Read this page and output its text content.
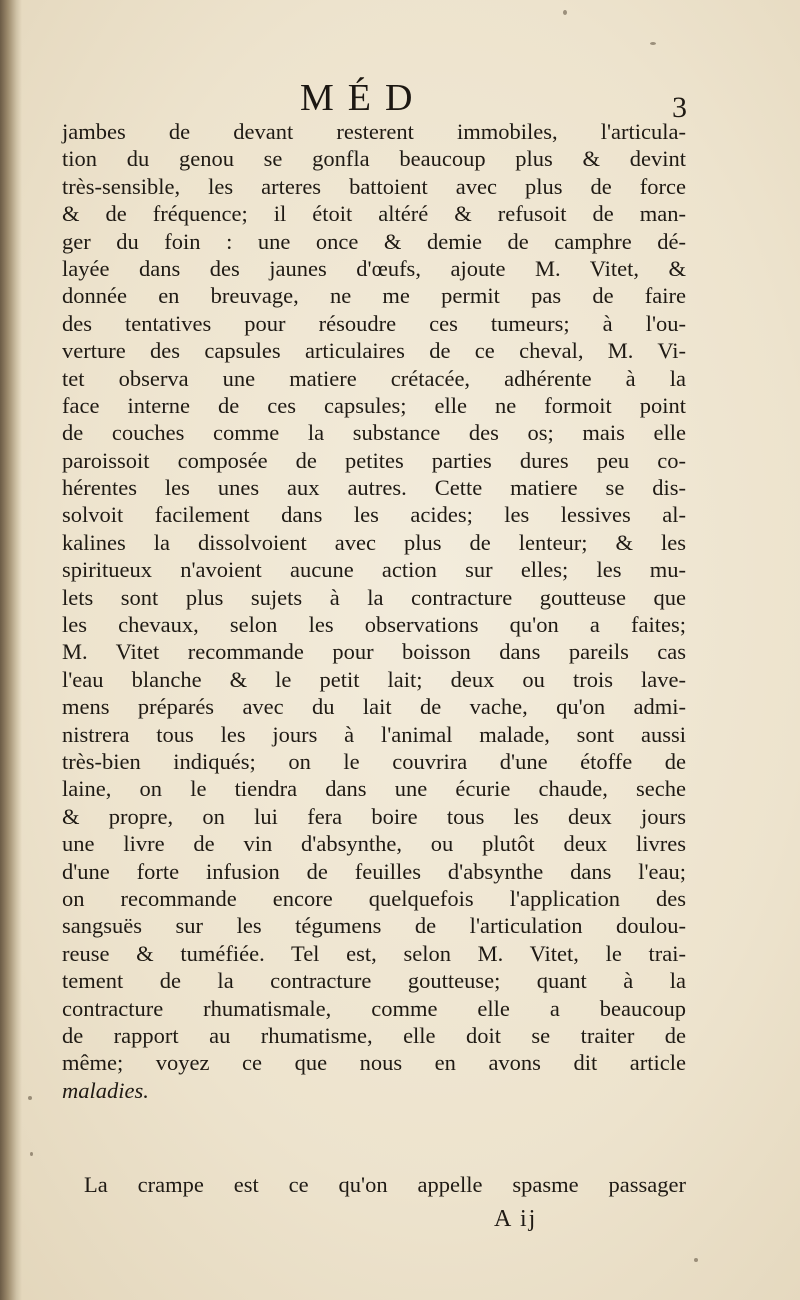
MÉD	3
jambes de devant resterent immobiles, l'articula-
tion du genou se gonfla beaucoup plus & devint
très-sensible, les arteres battoient avec plus de force
& de fréquence; il étoit altéré & refusoit de man-
ger du foin : une once & demie de camphre dé-
layée dans des jaunes d'œufs, ajoute M. Vitet, &
donnée en breuvage, ne me permit pas de faire
des tentatives pour résoudre ces tumeurs; à l'ou-
verture des capsules articulaires de ce cheval, M. Vi-
tet observa une matiere crétacée, adhérente à la
face interne de ces capsules; elle ne formoit point
de couches comme la substance des os; mais elle
paroissoit composée de petites parties dures peu co-
hérentes les unes aux autres. Cette matiere se dis-
solvoit facilement dans les acides; les lessives al-
kalines la dissolvoient avec plus de lenteur; & les
spiritueux n'avoient aucune action sur elles; les mu-
lets sont plus sujets à la contracture goutteuse que
les chevaux, selon les observations qu'on a faites;
M. Vitet recommande pour boisson dans pareils cas
l'eau blanche & le petit lait; deux ou trois lave-
mens préparés avec du lait de vache, qu'on admi-
nistrera tous les jours à l'animal malade, sont aussi
très-bien indiqués; on le couvrira d'une étoffe de
laine, on le tiendra dans une écurie chaude, seche
& propre, on lui fera boire tous les deux jours
une livre de vin d'absynthe, ou plutôt deux livres
d'une forte infusion de feuilles d'absynthe dans l'eau;
on recommande encore quelquefois l'application des
sangsuës sur les tégumens de l'articulation doulou-
reuse & tuméfiée. Tel est, selon M. Vitet, le trai-
tement de la contracture goutteuse; quant à la
contracture rhumatismale, comme elle a beaucoup
de rapport au rhumatisme, elle doit se traiter de
même; voyez ce que nous en avons dit article
maladies.
La crampe est ce qu'on appelle spasme passager
A ij
